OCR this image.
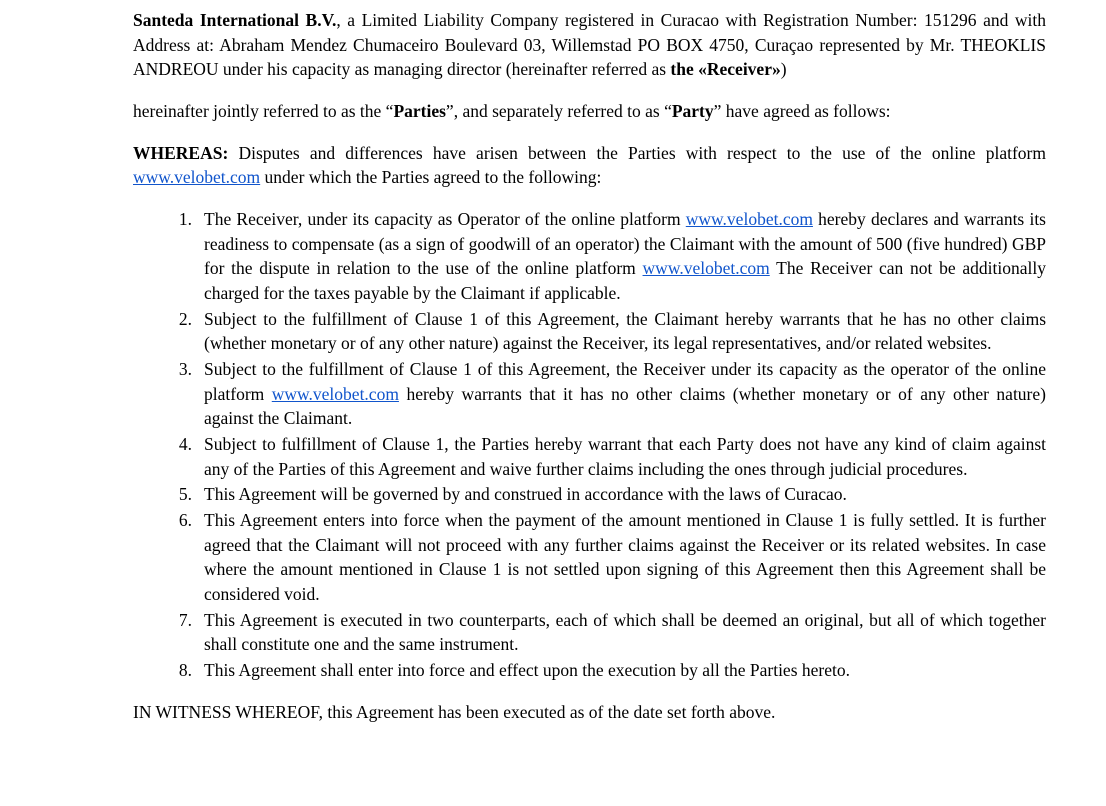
Santeda International B.V., a Limited Liability Company registered in Curacao with Registration Number: 151296 and with Address at: Abraham Mendez Chumaceiro Boulevard 03, Willemstad PO BOX 4750, Curaçao represented by Mr. THEOKLIS ANDREOU under his capacity as managing director (hereinafter referred as the «Receiver»)

hereinafter jointly referred to as the “Parties”, and separately referred to as “Party” have agreed as follows:

WHEREAS: Disputes and differences have arisen between the Parties with respect to the use of the online platform www.velobet.com under which the Parties agreed to the following:

The Receiver, under its capacity as Operator of the online platform www.velobet.com hereby declares and warrants its readiness to compensate (as a sign of goodwill of an operator) the Claimant with the amount of 500 (five hundred) GBP for the dispute in relation to the use of the online platform www.velobet.com The Receiver can not be additionally charged for the taxes payable by the Claimant if applicable.
Subject to the fulfillment of Clause 1 of this Agreement, the Claimant hereby warrants that he has no other claims (whether monetary or of any other nature) against the Receiver, its legal representatives, and/or related websites.
Subject to the fulfillment of Clause 1 of this Agreement, the Receiver under its capacity as the operator of the online platform www.velobet.com hereby warrants that it has no other claims (whether monetary or of any other nature) against the Claimant.
Subject to fulfillment of Clause 1, the Parties hereby warrant that each Party does not have any kind of claim against any of the Parties of this Agreement and waive further claims including the ones through judicial procedures.
This Agreement will be governed by and construed in accordance with the laws of Curacao.
This Agreement enters into force when the payment of the amount mentioned in Clause 1 is fully settled. It is further agreed that the Claimant will not proceed with any further claims against the Receiver or its related websites. In case where the amount mentioned in Clause 1 is not settled upon signing of this Agreement then this Agreement shall be considered void.
This Agreement is executed in two counterparts, each of which shall be deemed an original, but all of which together shall constitute one and the same instrument.
This Agreement shall enter into force and effect upon the execution by all the Parties hereto.

IN WITNESS WHEREOF, this Agreement has been executed as of the date set forth above.
